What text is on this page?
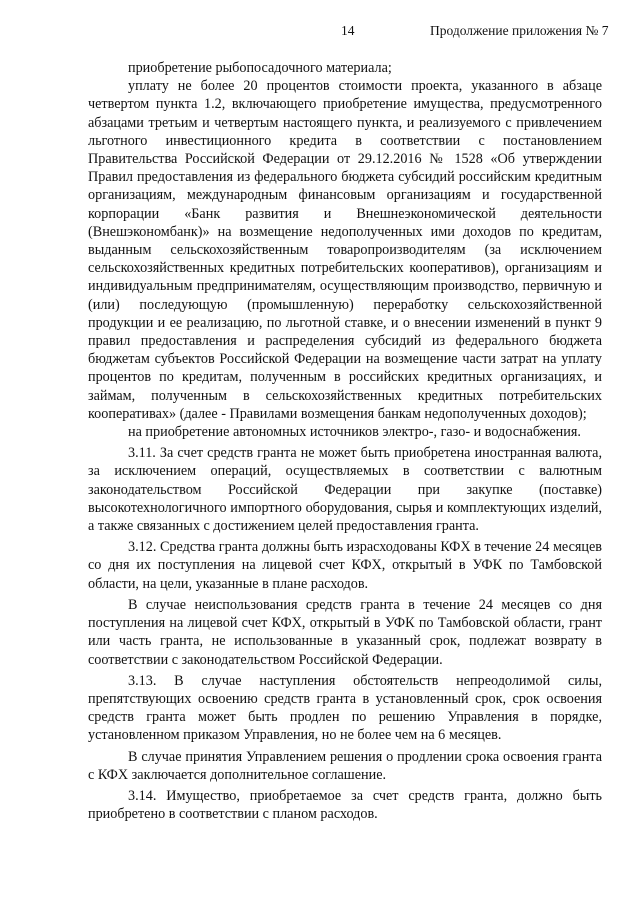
14	Продолжение приложения № 7

приобретение рыбопосадочного материала;

уплату не более 20 процентов стоимости проекта, указанного в абзаце четвертом пункта 1.2, включающего приобретение имущества, предусмотренного абзацами третьим и четвертым настоящего пункта, и реализуемого с привлечением льготного инвестиционного кредита в соответствии с постановлением Правительства Российской Федерации от 29.12.2016 № 1528 «Об утверждении Правил предоставления из федерального бюджета субсидий российским кредитным организациям, международным финансовым организациям и государственной корпорации «Банк развития и Внешнеэкономической деятельности (Внешэкономбанк)» на возмещение недополученных ими доходов по кредитам, выданным сельскохозяйственным товаропроизводителям (за исключением сельскохозяйственных кредитных потребительских кооперативов), организациям и индивидуальным предпринимателям, осуществляющим производство, первичную и (или) последующую (промышленную) переработку сельскохозяйственной продукции и ее реализацию, по льготной ставке, и о внесении изменений в пункт 9 правил предоставления и распределения субсидий из федерального бюджета бюджетам субъектов Российской Федерации на возмещение части затрат на уплату процентов по кредитам, полученным в российских кредитных организациях, и займам, полученным в сельскохозяйственных кредитных потребительских кооперативах» (далее - Правилами возмещения банкам недополученных доходов);

на приобретение автономных источников электро-, газо- и водоснабжения.

3.11. За счет средств гранта не может быть приобретена иностранная валюта, за исключением операций, осуществляемых в соответствии с валютным законодательством Российской Федерации при закупке (поставке) высокотехнологичного импортного оборудования, сырья и комплектующих изделий, а также связанных с достижением целей предоставления гранта.

3.12. Средства гранта должны быть израсходованы КФХ в течение 24 месяцев со дня их поступления на лицевой счет КФХ, открытый в УФК по Тамбовской области, на цели, указанные в плане расходов.

В случае неиспользования средств гранта в течение 24 месяцев со дня поступления на лицевой счет КФХ, открытый в УФК по Тамбовской области, грант или часть гранта, не использованные в указанный срок, подлежат возврату в соответствии с законодательством Российской Федерации.

3.13. В случае наступления обстоятельств непреодолимой силы, препятствующих освоению средств гранта в установленный срок, срок освоения средств гранта может быть продлен по решению Управления в порядке, установленном приказом Управления, но не более чем на 6 месяцев.

В случае принятия Управлением решения о продлении срока освоения гранта с КФХ заключается дополнительное соглашение.

3.14. Имущество, приобретаемое за счет средств гранта, должно быть приобретено в соответствии с планом расходов.
